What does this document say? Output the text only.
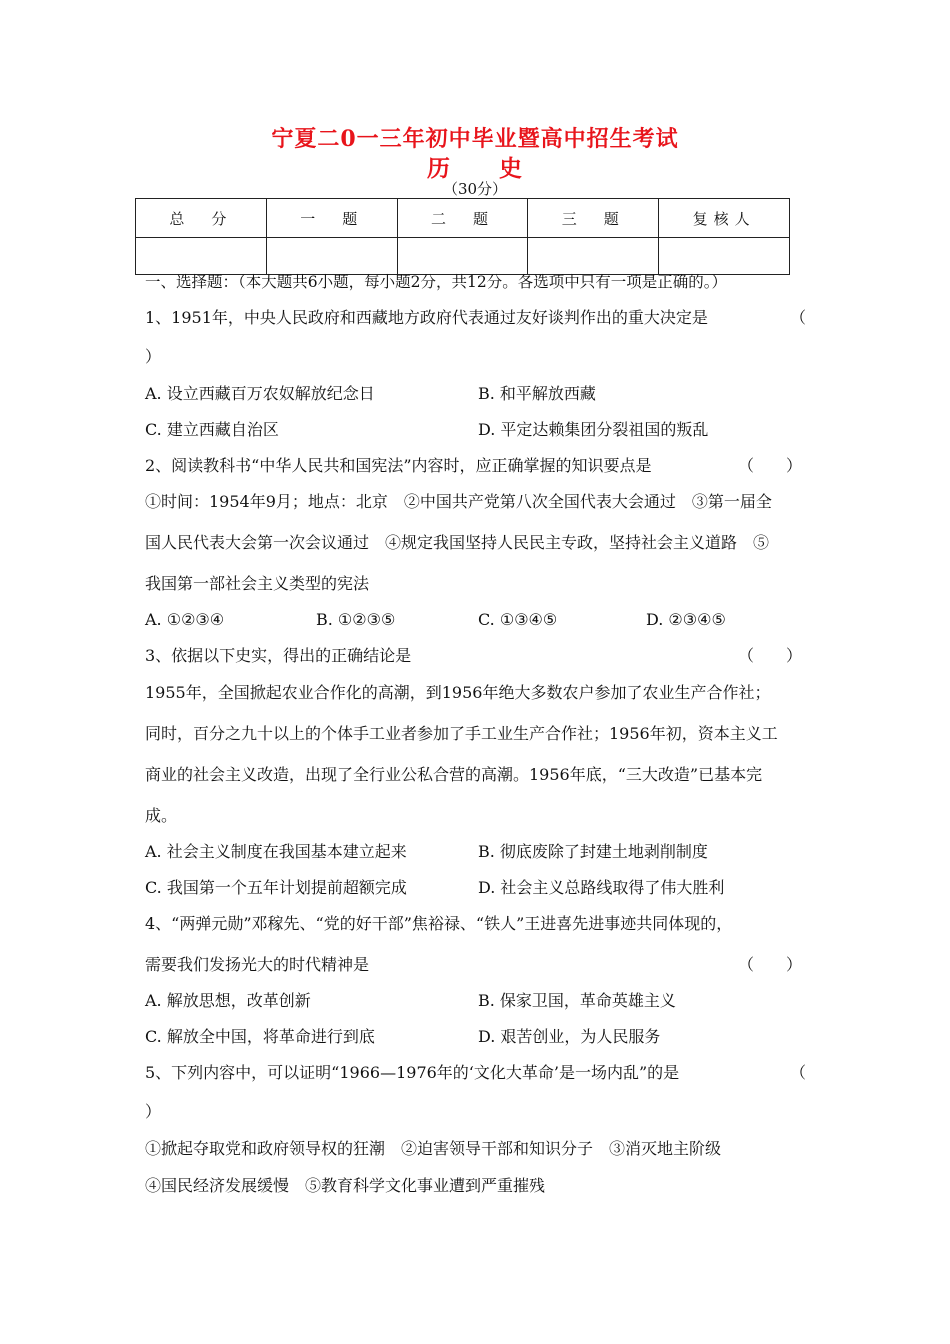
宁夏二0一三年初中毕业暨高中招生考试
历　　史
（30分）
总　分	一　题	二　题	三　题	复核人

一、选择题：（本大题共6小题，每小题2分，共12分。各选项中只有一项是正确的。）
1、1951年，中央人民政府和西藏地方政府代表通过友好谈判作出的重大决定是	（
）
A. 设立西藏百万农奴解放纪念日	B. 和平解放西藏
C. 建立西藏自治区	D. 平定达赖集团分裂祖国的叛乱
2、阅读教科书“中华人民共和国宪法”内容时，应正确掌握的知识要点是	（　　）
①时间：1954年9月；地点：北京　②中国共产党第八次全国代表大会通过　③第一届全
国人民代表大会第一次会议通过　④规定我国坚持人民民主专政，坚持社会主义道路　⑤
我国第一部社会主义类型的宪法
A. ①②③④	B. ①②③⑤	C. ①③④⑤	D. ②③④⑤
3、依据以下史实，得出的正确结论是	（　　）
1955年，全国掀起农业合作化的高潮，到1956年绝大多数农户参加了农业生产合作社；
同时，百分之九十以上的个体手工业者参加了手工业生产合作社；1956年初，资本主义工
商业的社会主义改造，出现了全行业公私合营的高潮。1956年底，“三大改造”已基本完
成。
A. 社会主义制度在我国基本建立起来	B. 彻底废除了封建土地剥削制度
C. 我国第一个五年计划提前超额完成	D. 社会主义总路线取得了伟大胜利
4、“两弹元勋”邓稼先、“党的好干部”焦裕禄、“铁人”王进喜先进事迹共同体现的，
需要我们发扬光大的时代精神是	（　　）
A. 解放思想，改革创新	B. 保家卫国，革命英雄主义
C. 解放全中国，将革命进行到底	D. 艰苦创业，为人民服务
5、下列内容中，可以证明“1966—1976年的‘文化大革命’是一场内乱”的是	（
）
①掀起夺取党和政府领导权的狂潮　②迫害领导干部和知识分子　③消灭地主阶级
④国民经济发展缓慢　⑤教育科学文化事业遭到严重摧残
